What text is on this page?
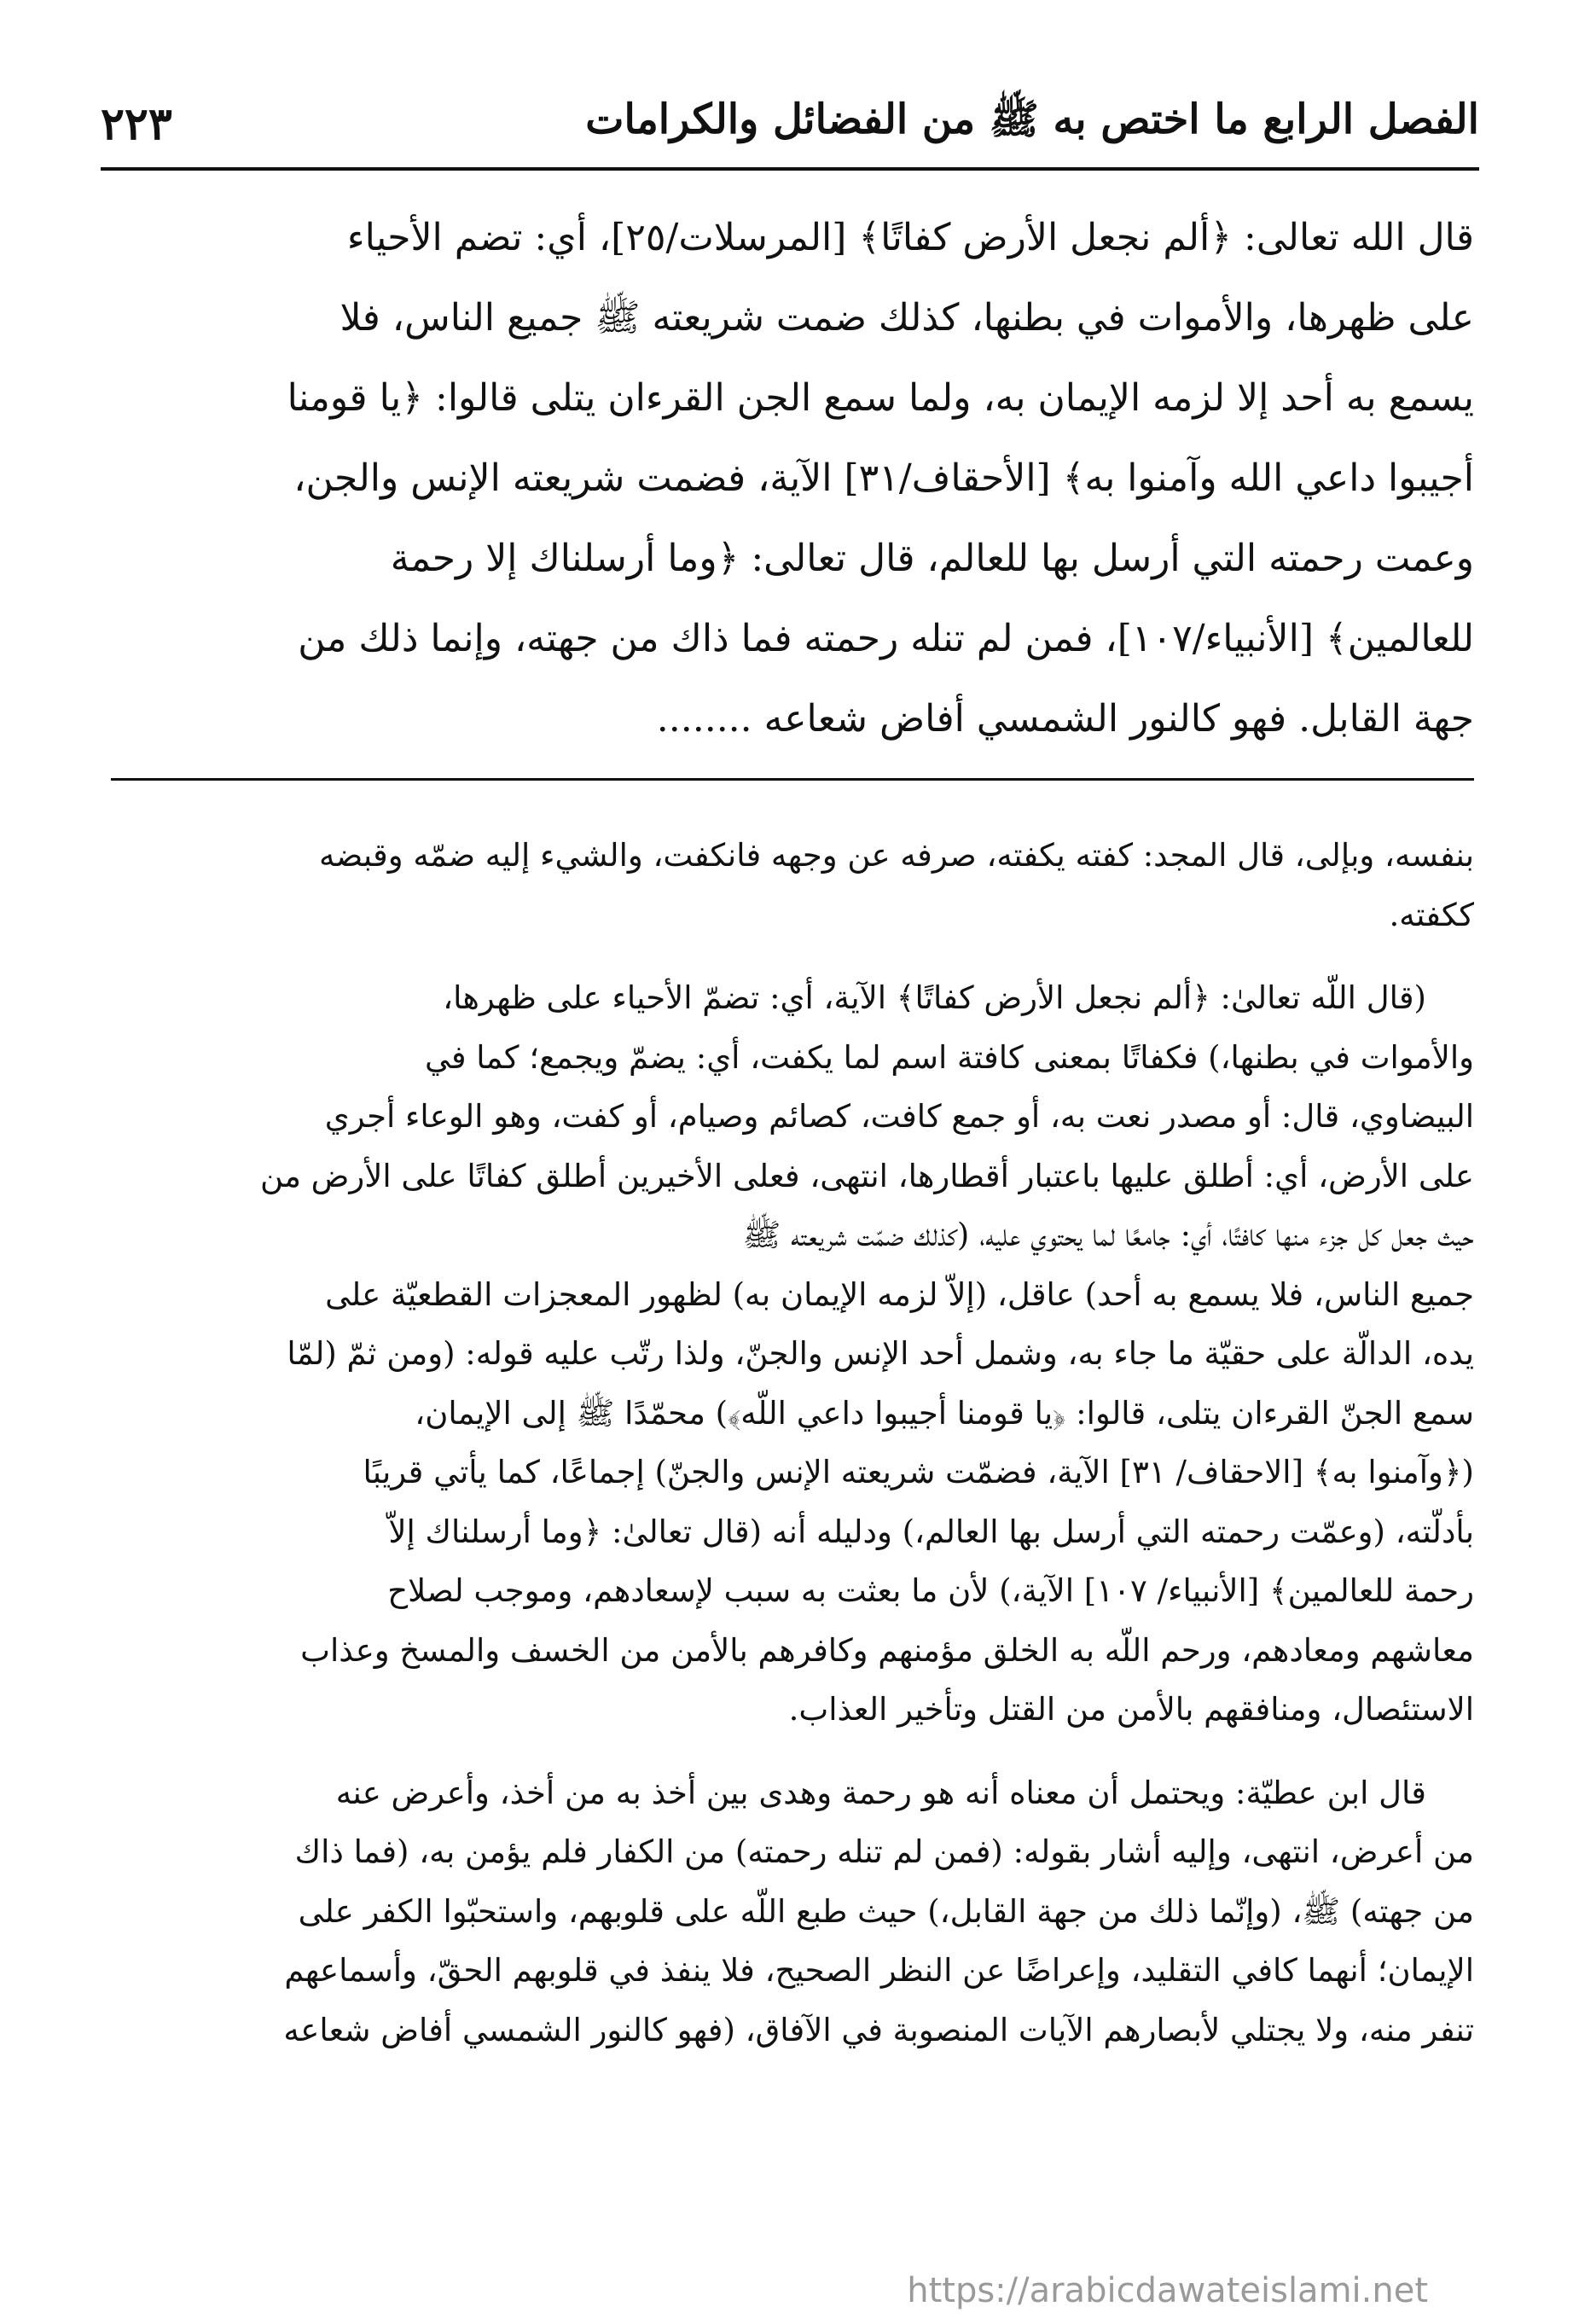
الفصل الرابع ما اختص به ﷺ من الفضائل والكرامات
٢٢٣
قال الله تعالى: ﴿ألم نجعل الأرض كفاتًا﴾ [المرسلات/٢٥]، أي: تضم الأحياء
على ظهرها، والأموات في بطنها، كذلك ضمت شريعته ﷺ جميع الناس، فلا
يسمع به أحد إلا لزمه الإيمان به، ولما سمع الجن القرءان يتلى قالوا: ﴿يا قومنا
أجيبوا داعي الله وآمنوا به﴾ [الأحقاف/٣١] الآية، فضمت شريعته الإنس والجن،
وعمت رحمته التي أرسل بها للعالم، قال تعالى: ﴿وما أرسلناك إلا رحمة
للعالمين﴾ [الأنبياء/١٠٧]، فمن لم تنله رحمته فما ذاك من جهته، وإنما ذلك من
جهة القابل. فهو كالنور الشمسي أفاض شعاعه ........
بنفسه، وبإلى، قال المجد: كفته يكفته، صرفه عن وجهه فانكفت، والشيء إليه ضمّه وقبضه
ككفته.
(قال اللّه تعالىٰ: ﴿ألم نجعل الأرض كفاتًا﴾ الآية، أي: تضمّ الأحياء على ظهرها،
والأموات في بطنها،) فكفاتًا بمعنى كافتة اسم لما يكفت، أي: يضمّ ويجمع؛ كما في
البيضاوي، قال: أو مصدر نعت به، أو جمع كافت، كصائم وصيام، أو كفت، وهو الوعاء أجري
على الأرض، أي: أطلق عليها باعتبار أقطارها، انتهى، فعلى الأخيرين أطلق كفاتًا على الأرض من
حيث جعل كل جزء منها كافتًا، أي: جامعًا لما يحتوي عليه، (كذلك ضمّت شريعته ﷺ
جميع الناس، فلا يسمع به أحد) عاقل، (إلاّ لزمه الإيمان به) لظهور المعجزات القطعيّة على
يده، الدالّة على حقيّة ما جاء به، وشمل أحد الإنس والجنّ، ولذا رتّب عليه قوله: (ومن ثمّ (لمّا
سمع الجنّ القرءان يتلى، قالوا: ﴿يا قومنا أجيبوا داعي اللّه﴾) محمّدًا ﷺ إلى الإيمان،
(﴿وآمنوا به﴾ [الاحقاف/ ٣١] الآية، فضمّت شريعته الإنس والجنّ) إجماعًا، كما يأتي قريبًا
بأدلّته، (وعمّت رحمته التي أرسل بها العالم،) ودليله أنه (قال تعالىٰ: ﴿وما أرسلناك إلاّ
رحمة للعالمين﴾ [الأنبياء/ ١٠٧] الآية،) لأن ما بعثت به سبب لإسعادهم، وموجب لصلاح
معاشهم ومعادهم، ورحم اللّه به الخلق مؤمنهم وكافرهم بالأمن من الخسف والمسخ وعذاب
الاستئصال، ومنافقهم بالأمن من القتل وتأخير العذاب.
قال ابن عطيّة: ويحتمل أن معناه أنه هو رحمة وهدى بين أخذ به من أخذ، وأعرض عنه
من أعرض، انتهى، وإليه أشار بقوله: (فمن لم تنله رحمته) من الكفار فلم يؤمن به، (فما ذاك
من جهته) ﷺ، (وإنّما ذلك من جهة القابل،) حيث طبع اللّه على قلوبهم، واستحبّوا الكفر على
الإيمان؛ أنهما كافي التقليد، وإعراضًا عن النظر الصحيح، فلا ينفذ في قلوبهم الحقّ، وأسماعهم
تنفر منه، ولا يجتلي لأبصارهم الآيات المنصوبة في الآفاق، (فهو كالنور الشمسي أفاض شعاعه
https://arabicdawateislami.net
